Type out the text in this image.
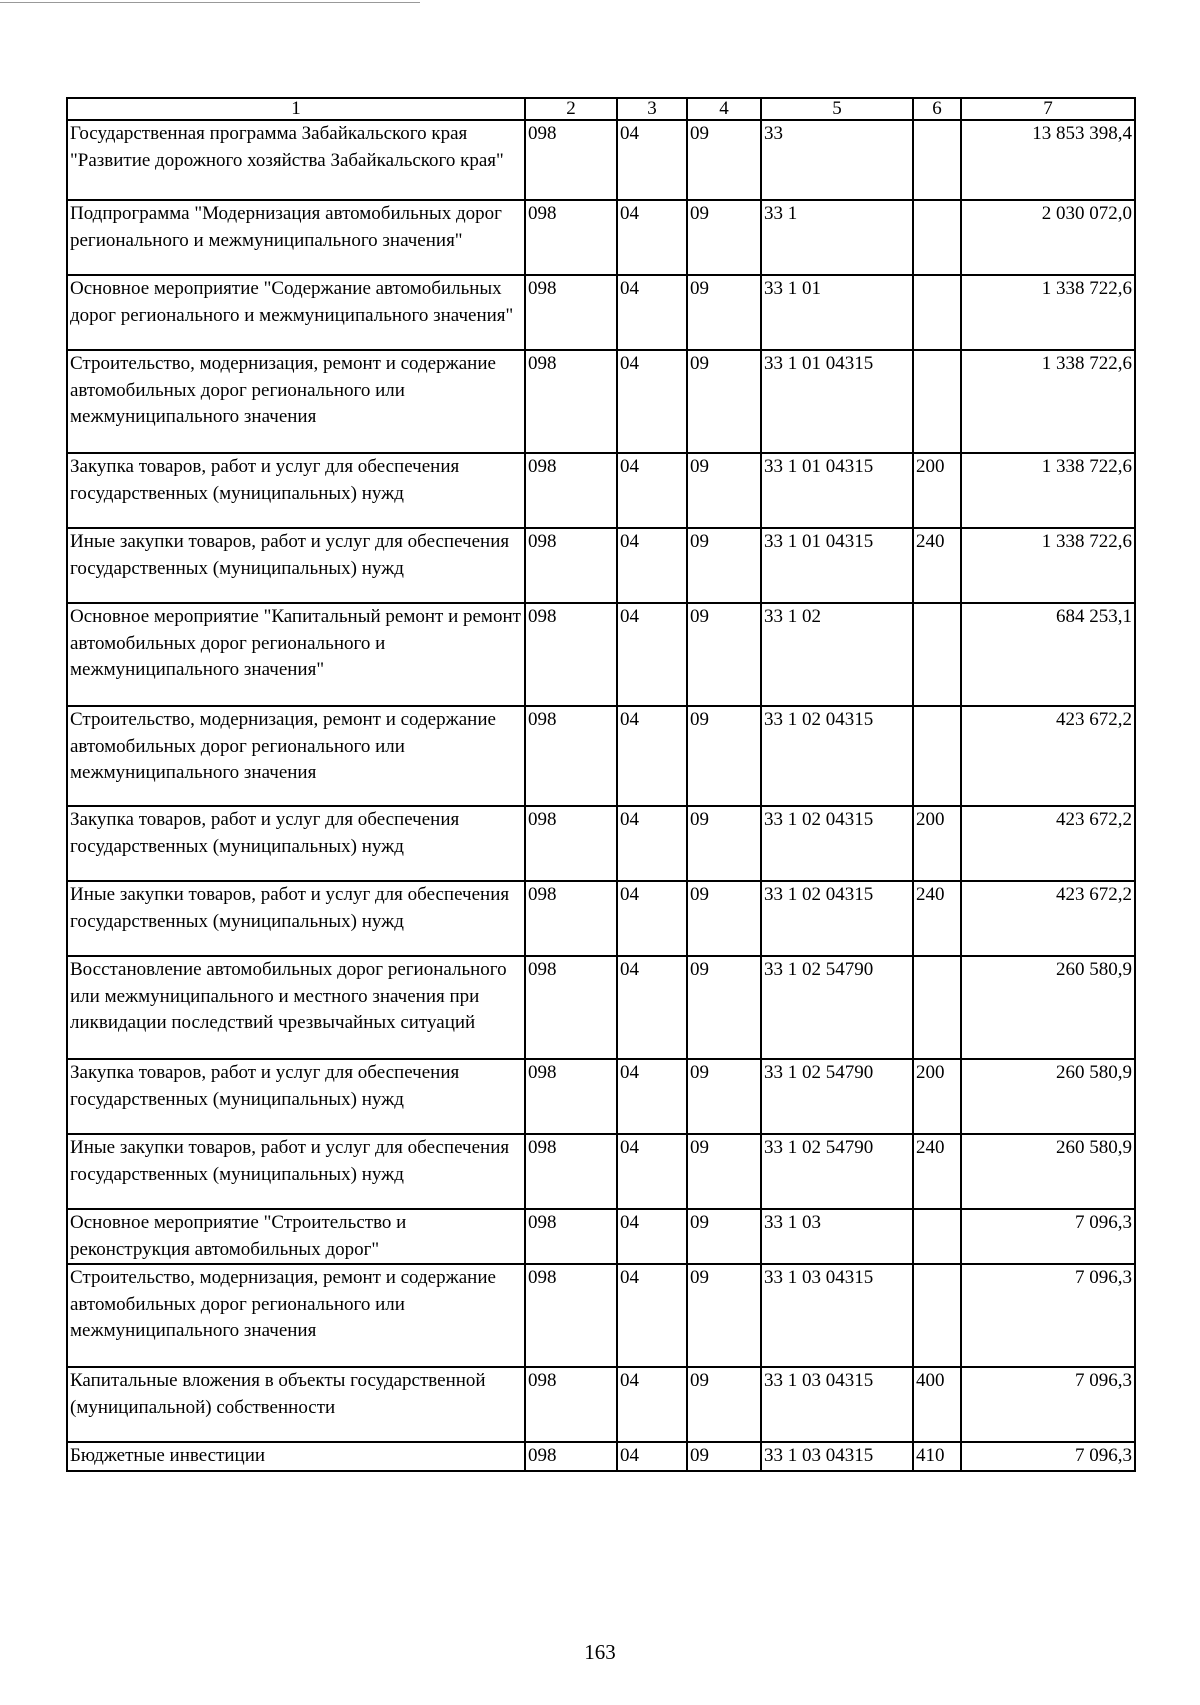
1	2	3	4	5	6	7
Государственная программа Забайкальского края "Развитие дорожного хозяйства Забайкальского края"	098	04	09	33		13 853 398,4
Подпрограмма "Модернизация автомобильных дорог регионального и межмуниципального значения"	098	04	09	33 1		2 030 072,0
Основное мероприятие "Содержание автомобильных дорог регионального и межмуниципального значения"	098	04	09	33 1 01		1 338 722,6
Строительство, модернизация, ремонт и содержание автомобильных дорог регионального или межмуниципального значения	098	04	09	33 1 01 04315		1 338 722,6
Закупка товаров, работ и услуг для обеспечения государственных (муниципальных) нужд	098	04	09	33 1 01 04315	200	1 338 722,6
Иные закупки товаров, работ и услуг для обеспечения государственных (муниципальных) нужд	098	04	09	33 1 01 04315	240	1 338 722,6
Основное мероприятие "Капитальный ремонт и ремонт автомобильных дорог регионального и межмуниципального значения"	098	04	09	33 1 02		684 253,1
Строительство, модернизация, ремонт и содержание автомобильных дорог регионального или межмуниципального значения	098	04	09	33 1 02 04315		423 672,2
Закупка товаров, работ и услуг для обеспечения государственных (муниципальных) нужд	098	04	09	33 1 02 04315	200	423 672,2
Иные закупки товаров, работ и услуг для обеспечения государственных (муниципальных) нужд	098	04	09	33 1 02 04315	240	423 672,2
Восстановление автомобильных дорог регионального или межмуниципального и местного значения при ликвидации последствий чрезвычайных ситуаций	098	04	09	33 1 02 54790		260 580,9
Закупка товаров, работ и услуг для обеспечения государственных (муниципальных) нужд	098	04	09	33 1 02 54790	200	260 580,9
Иные закупки товаров, работ и услуг для обеспечения государственных (муниципальных) нужд	098	04	09	33 1 02 54790	240	260 580,9
Основное мероприятие "Строительство и реконструкция автомобильных дорог"	098	04	09	33 1 03		7 096,3
Строительство, модернизация, ремонт и содержание автомобильных дорог регионального или межмуниципального значения	098	04	09	33 1 03 04315		7 096,3
Капитальные вложения в объекты государственной (муниципальной) собственности	098	04	09	33 1 03 04315	400	7 096,3
Бюджетные инвестиции	098	04	09	33 1 03 04315	410	7 096,3
163
